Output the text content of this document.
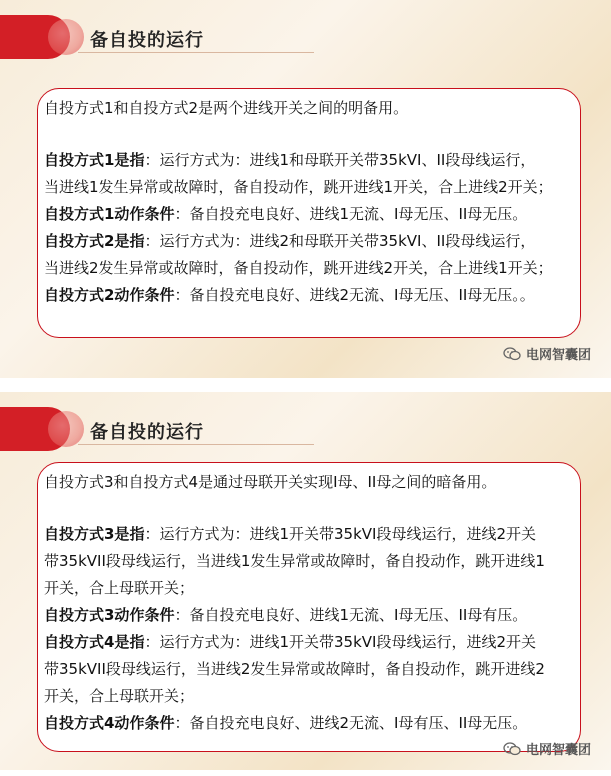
备自投的运行

自投方式1和自投方式2是两个进线开关之间的明备用。

自投方式1是指：运行方式为：进线1和母联开关带35kVI、II段母线运行，

当进线1发生异常或故障时，备自投动作，跳开进线1开关，合上进线2开关；

自投方式1动作条件：备自投充电良好、进线1无流、I母无压、II母无压。

自投方式2是指：运行方式为：进线2和母联开关带35kVI、II段母线运行，

当进线2发生异常或故障时，备自投动作，跳开进线2开关，合上进线1开关；

自投方式2动作条件：备自投充电良好、进线2无流、I母无压、II母无压。。

电网智囊团
备自投的运行

自投方式3和自投方式4是通过母联开关实现I母、II母之间的暗备用。

自投方式3是指：运行方式为：进线1开关带35kVI段母线运行，进线2开关

带35kVII段母线运行，当进线1发生异常或故障时，备自投动作，跳开进线1

开关，合上母联开关；

自投方式3动作条件：备自投充电良好、进线1无流、I母无压、II母有压。

自投方式4是指：运行方式为：进线1开关带35kVI段母线运行，进线2开关

带35kVII段母线运行，当进线2发生异常或故障时，备自投动作，跳开进线2

开关，合上母联开关；

自投方式4动作条件：备自投充电良好、进线2无流、I母有压、II母无压。

电网智囊团
